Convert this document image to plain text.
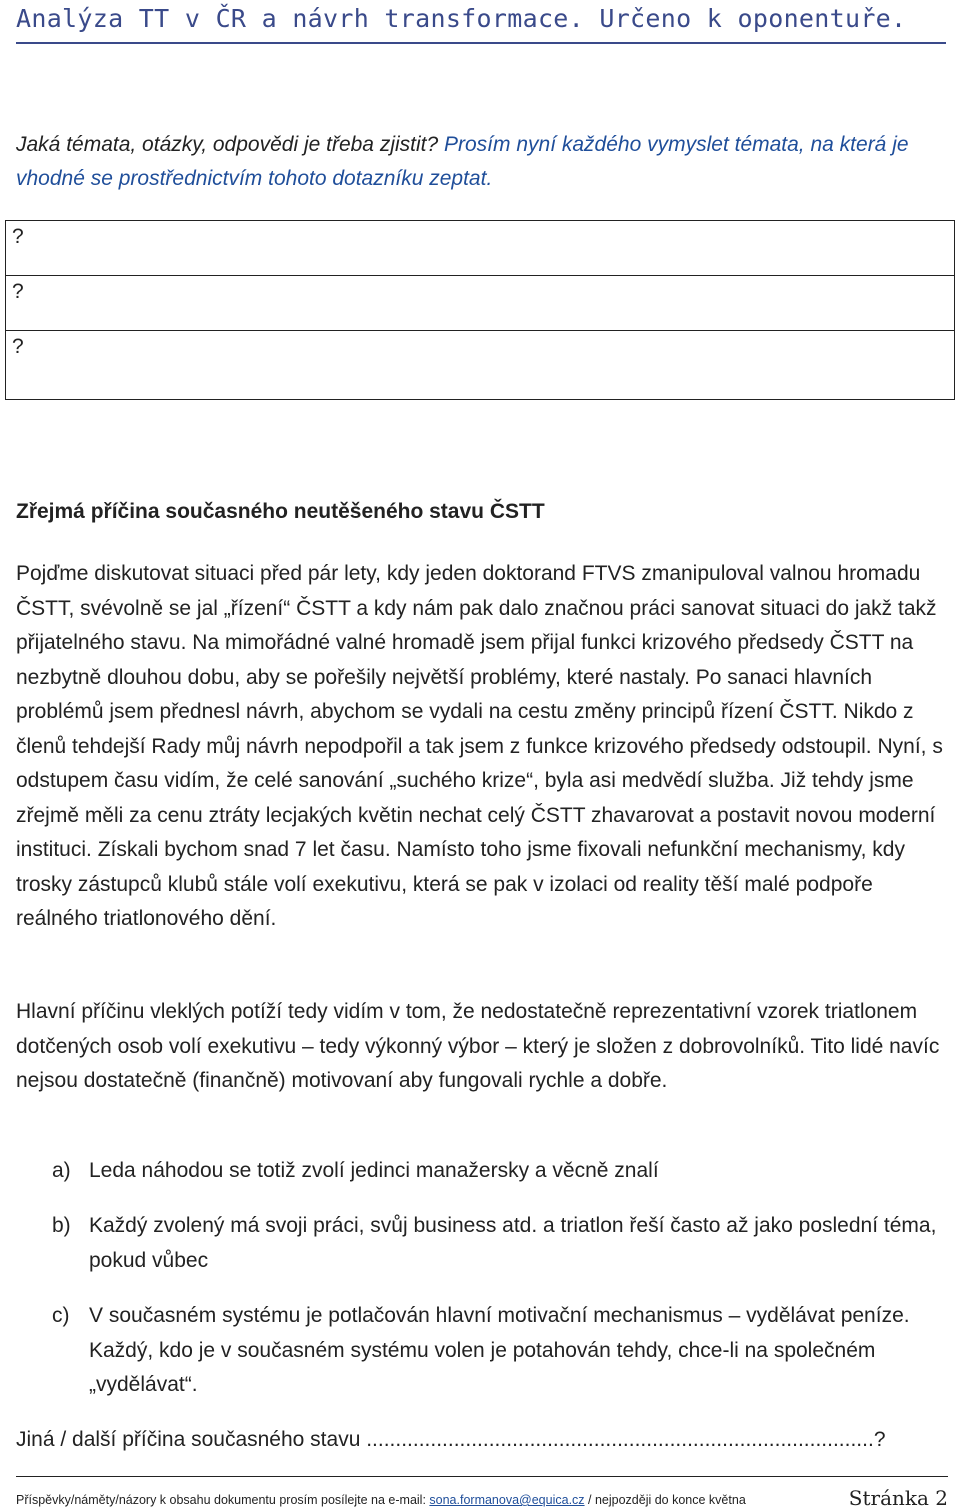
Analýza TT v ČR a návrh transformace. Určeno k oponentuře.
Jaká témata, otázky, odpovědi je třeba zjistit? Prosím nyní každého vymyslet témata, na která je vhodné se prostřednictvím tohoto dotazníku zeptat.
?
?
?
Zřejmá příčina současného neutěšeného stavu ČSTT
Pojďme diskutovat situaci před pár lety, kdy jeden doktorand FTVS zmanipuloval valnou hromadu ČSTT, svévolně se jal „řízení“ ČSTT a kdy nám pak dalo značnou práci sanovat situaci do jakž takž přijatelného stavu. Na mimořádné valné hromadě jsem přijal funkci krizového předsedy ČSTT na nezbytně dlouhou dobu, aby se pořešily největší problémy, které nastaly. Po sanaci hlavních problémů jsem přednesl návrh, abychom se vydali na cestu změny principů řízení ČSTT. Nikdo z členů tehdejší Rady můj návrh nepodpořil a tak jsem z funkce krizového předsedy odstoupil. Nyní, s odstupem času vidím, že celé sanování „suchého krize“, byla asi medvědí služba. Již tehdy jsme zřejmě měli za cenu ztráty lecjakých květin nechat celý ČSTT zhavarovat a postavit novou moderní instituci. Získali bychom snad 7 let času. Namísto toho jsme fixovali nefunkční mechanismy, kdy trosky zástupců klubů stále volí exekutivu, která se pak v izolaci od reality těší malé podpoře reálného triatlonového dění.
Hlavní příčinu vleklých potíží tedy vidím v tom, že nedostatečně reprezentativní vzorek triatlonem dotčených osob volí exekutivu – tedy výkonný výbor – který je složen z dobrovolníků. Tito lidé navíc nejsou dostatečně (finančně) motivovaní aby fungovali rychle a dobře.
a) Leda náhodou se totiž zvolí jedinci manažersky a věcně znalí
b) Každý zvolený má svoji práci, svůj business atd. a triatlon řeší často až jako poslední téma, pokud vůbec
c) V současném systému je potlačován hlavní motivační mechanismus – vydělávat peníze. Každý, kdo je v současném systému volen je potahován tehdy, chce-li na společném „vydělávat“.
Jiná / další příčina současného stavu .......................................................................................?
Příspěvky/náměty/názory k obsahu dokumentu prosím posílejte na e-mail: sona.formanova@equica.cz / nejpozději do konce května	Stránka 2
